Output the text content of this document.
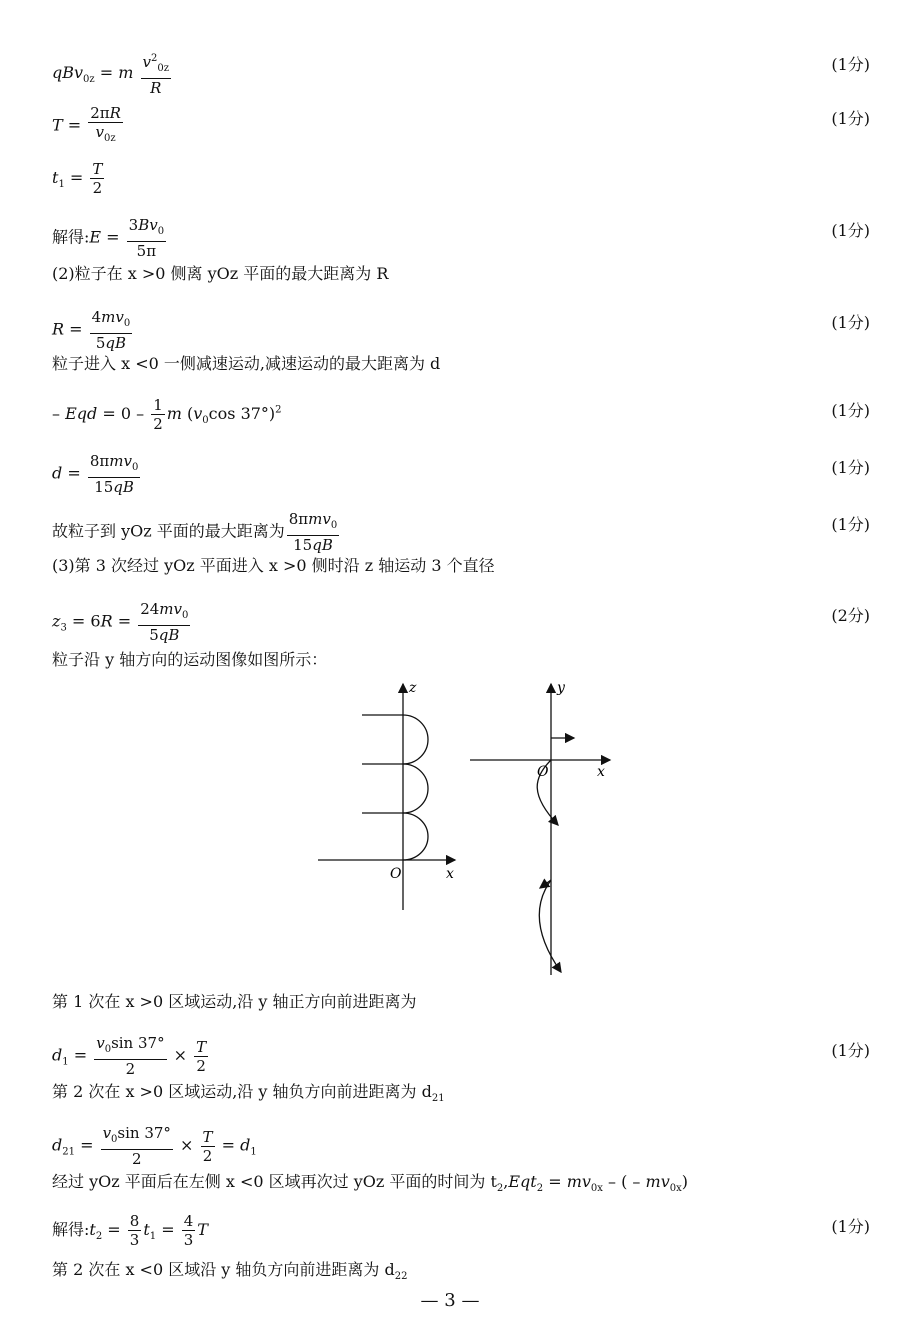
qBv$_{0z}$ = m $\frac{v^2_{0z}}{R}$	(1分)
$T = \frac{2\pi R}{v_{0z}}$	(1分)
$t_1 = \frac{T}{2}$
解得:E = $\frac{3Bv_0}{5\pi}$	(1分)
(2)粒子在 x >0 侧离 yOz 平面的最大距离为 R
$R = \frac{4mv_0}{5qB}$	(1分)
粒子进入 x <0 一侧减速运动,减速运动的最大距离为 d
– Eqd = $0 - \frac{1}{2}$ m ($v_0\cos$ 37°)$^2$	(1分)
$d = \frac{8\pi mv_0}{15qB}$	(1分)
故粒子到 yOz 平面的最大距离为 $\frac{8\pi mv_0}{15qB}$	(1分)
(3)第 3 次经过 yOz 平面进入 x >0 侧时沿 z 轴运动 3 个直径
$z_3 = 6R = \frac{24mv_0}{5qB}$	(2分)
粒子沿 y 轴方向的运动图像如图所示：
z
O	x
y
O	x
第 1 次在 x >0 区域运动,沿 y 轴正方向前进距离为
$d_1 = \frac{v_0\sin 37^\circ}{2} \times \frac{T}{2}$	(1分)
第 2 次在 x >0 区域运动,沿 y 轴负方向前进距离为 $d_{21}$
$d_{21} = \frac{v_0\sin 37^\circ}{2} \times \frac{T}{2} = d_1$
经过 yOz 平面后在左侧 x <0 区域再次过 yOz 平面的时间为 $t_2,Eqt_2 = mv_{0x}$ – ( – $mv_{0x}$)
解得$:t_2 = \frac{8}{3} t_1 = \frac{4}{3}$ T	(1分)
第 2 次在 x <0 区域沿 y 轴负方向前进距离为 $d_{22}$
— 3 —
